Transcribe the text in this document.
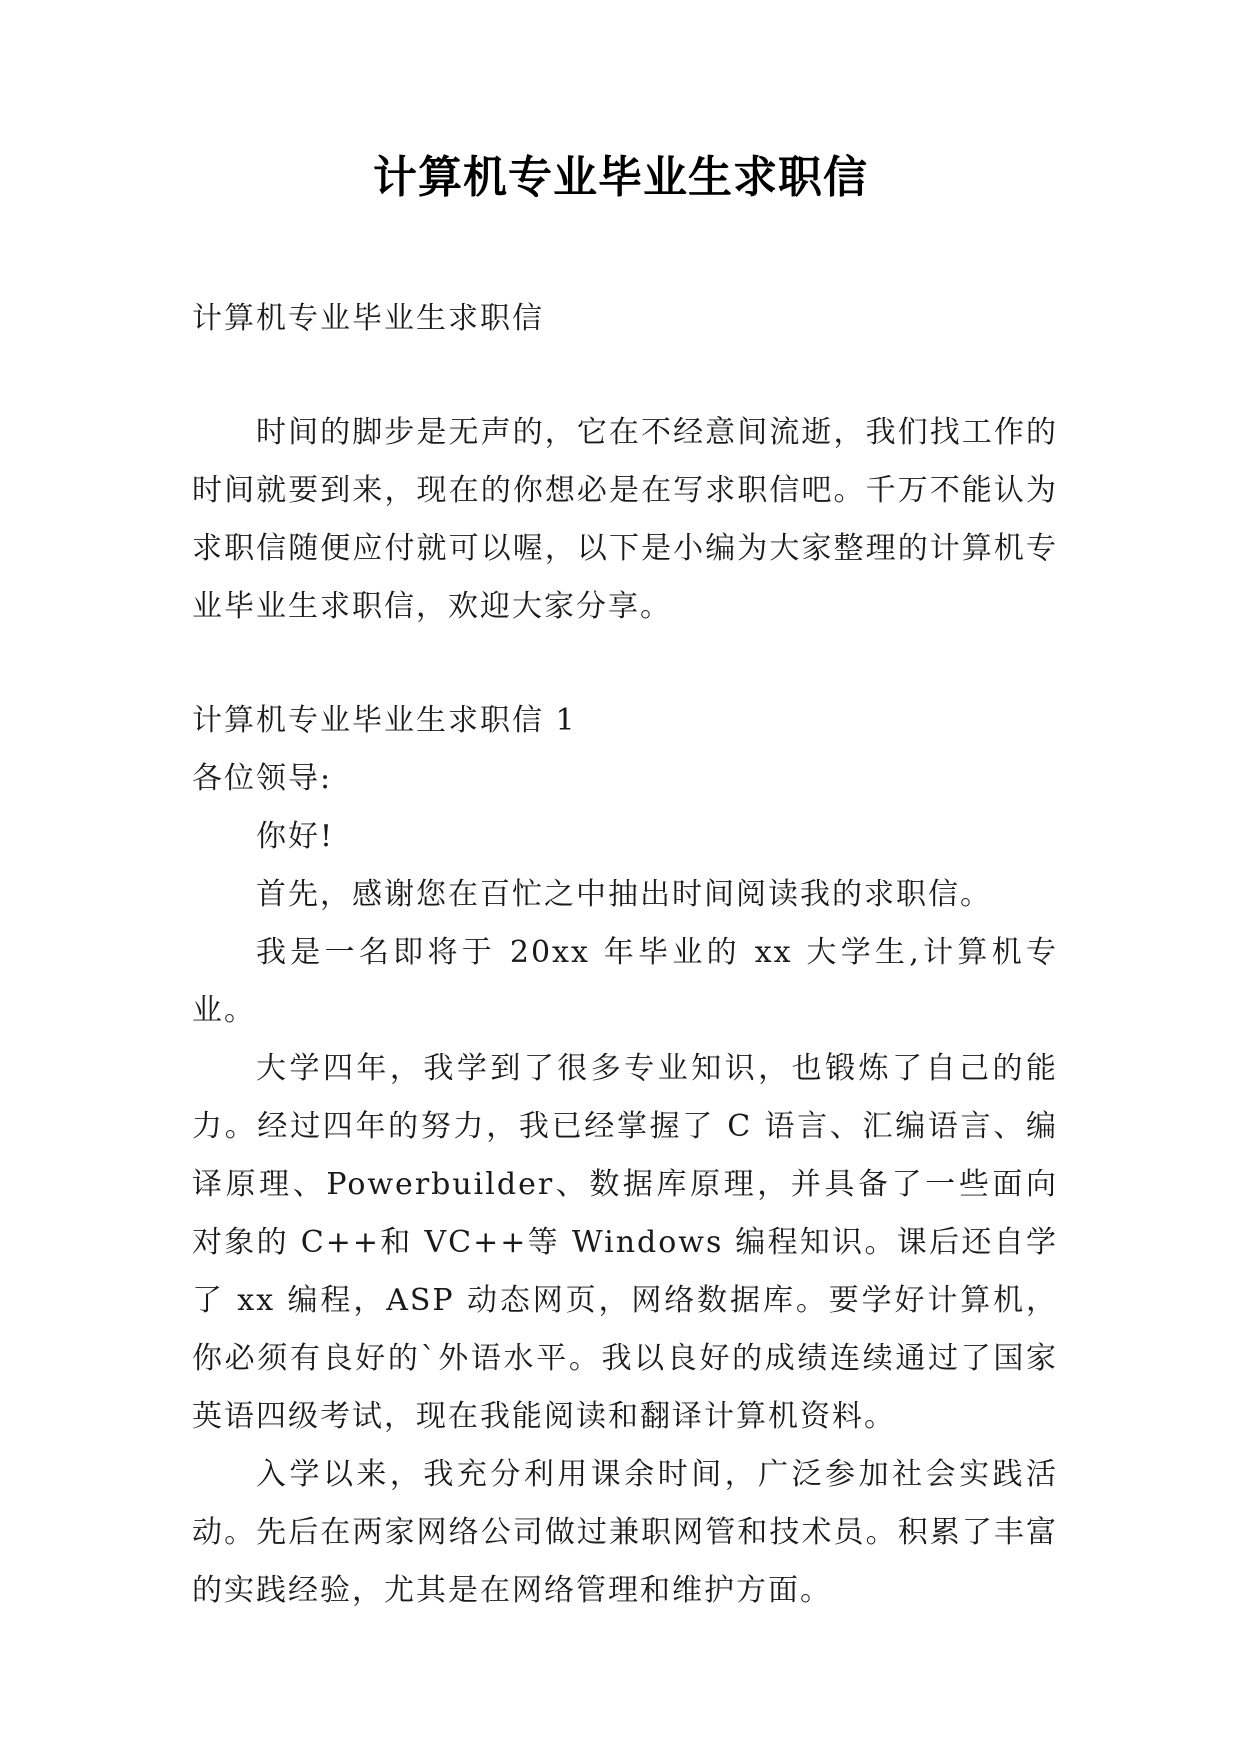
计算机专业毕业生求职信

计算机专业毕业生求职信

时间的脚步是无声的，它在不经意间流逝，我们找工作的时间就要到来，现在的你想必是在写求职信吧。千万不能认为求职信随便应付就可以喔，以下是小编为大家整理的计算机专业毕业生求职信，欢迎大家分享。

计算机专业毕业生求职信 1

各位领导:

你好!

首先，感谢您在百忙之中抽出时间阅读我的求职信。

我是一名即将于 20xx 年毕业的 xx 大学生,计算机专业。

大学四年，我学到了很多专业知识，也锻炼了自己的能力。经过四年的努力，我已经掌握了 C 语言、汇编语言、编译原理、Powerbuilder、数据库原理，并具备了一些面向对象的 C++和 VC++等 Windows 编程知识。课后还自学了 xx 编程，ASP 动态网页，网络数据库。要学好计算机，你必须有良好的`外语水平。我以良好的成绩连续通过了国家英语四级考试，现在我能阅读和翻译计算机资料。

入学以来，我充分利用课余时间，广泛参加社会实践活动。先后在两家网络公司做过兼职网管和技术员。积累了丰富的实践经验，尤其是在网络管理和维护方面。
